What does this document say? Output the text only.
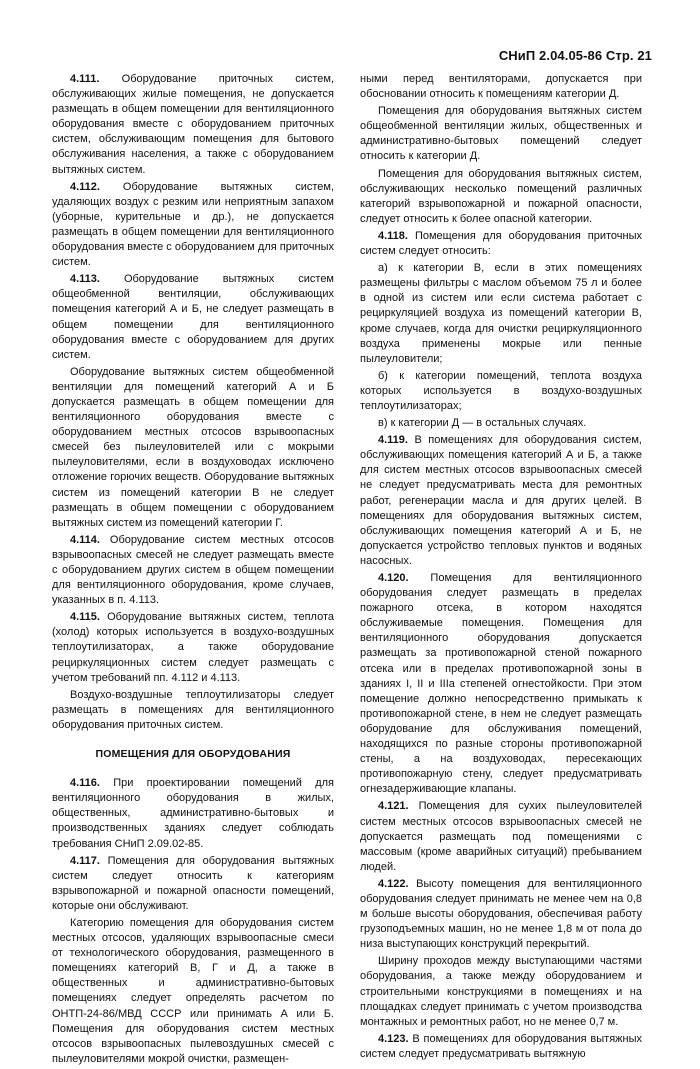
СНиП 2.04.05-86 Стр. 21

4.111. Оборудование приточных систем, обслуживающих жилые помещения, не допускается размещать в общем помещении для вентиляционного оборудования вместе с оборудованием приточных систем, обслуживающим помещения для бытового обслуживания населения, а также с оборудованием вытяжных систем.

4.112. Оборудование вытяжных систем, удаляющих воздух с резким или неприятным запахом (уборные, курительные и др.), не допускается размещать в общем помещении для вентиляционного оборудования вместе с оборудованием для приточных систем.

4.113. Оборудование вытяжных систем общеобменной вентиляции, обслуживающих помещения категорий А и Б, не следует размещать в общем помещении для вентиляционного оборудования вместе с оборудованием для других систем.

Оборудование вытяжных систем общеобменной вентиляции для помещений категорий А и Б допускается размещать в общем помещении для вентиляционного оборудования вместе с оборудованием местных отсосов взрывоопасных смесей без пылеуловителей или с мокрыми пылеуловителями, если в воздуховодах исключено отложение горючих веществ. Оборудование вытяжных систем из помещений категории В не следует размещать в общем помещении с оборудованием вытяжных систем из помещений категории Г.

4.114. Оборудование систем местных отсосов взрывоопасных смесей не следует размещать вместе с оборудованием других систем в общем помещении для вентиляционного оборудования, кроме случаев, указанных в п. 4.113.

4.115. Оборудование вытяжных систем, теплота (холод) которых используется в воздухо-воздушных теплоутилизаторах, а также оборудование рециркуляционных систем следует размещать с учетом требований пп. 4.112 и 4.113.

Воздухо-воздушные теплоутилизаторы следует размещать в помещениях для вентиляционного оборудования приточных систем.

ПОМЕЩЕНИЯ ДЛЯ ОБОРУДОВАНИЯ

4.116. При проектировании помещений для вентиляционного оборудования в жилых, общественных, административно-бытовых и производственных зданиях следует соблюдать требования СНиП 2.09.02-85.

4.117. Помещения для оборудования вытяжных систем следует относить к категориям взрывопожарной и пожарной опасности помещений, которые они обслуживают.

Категорию помещения для оборудования систем местных отсосов, удаляющих взрывоопасные смеси от технологического оборудования, размещенного в помещениях категорий В, Г и Д, а также в общественных и административно-бытовых помещениях следует определять расчетом по ОНТП-24-86/МВД СССР или принимать А или Б. Помещения для оборудования систем местных отсосов взрывоопасных пылевоздушных смесей с пылеуловителями мокрой очистки, размещен-

ными перед вентиляторами, допускается при обосновании относить к помещениям категории Д.

Помещения для оборудования вытяжных систем общеобменной вентиляции жилых, общественных и административно-бытовых помещений следует относить к категории Д.

Помещения для оборудования вытяжных систем, обслуживающих несколько помещений различных категорий взрывопожарной и пожарной опасности, следует относить к более опасной категории.

4.118. Помещения для оборудования приточных систем следует относить:

а) к категории В, если в этих помещениях размещены фильтры с маслом объемом 75 л и более в одной из систем или если система работает с рециркуляцией воздуха из помещений категории В, кроме случаев, когда для очистки рециркуляционного воздуха применены мокрые или пенные пылеуловители;

б) к категории помещений, теплота воздуха которых используется в воздухо-воздушных теплоутилизаторах;

в) к категории Д — в остальных случаях.

4.119. В помещениях для оборудования систем, обслуживающих помещения категорий А и Б, а также для систем местных отсосов взрывоопасных смесей не следует предусматривать места для ремонтных работ, регенерации масла и для других целей. В помещениях для оборудования вытяжных систем, обслуживающих помещения категорий А и Б, не допускается устройство тепловых пунктов и водяных насосных.

4.120. Помещения для вентиляционного оборудования следует размещать в пределах пожарного отсека, в котором находятся обслуживаемые помещения. Помещения для вентиляционного оборудования допускается размещать за противопожарной стеной пожарного отсека или в пределах противопожарной зоны в зданиях I, II и IIIа степеней огнестойкости. При этом помещение должно непосредственно примыкать к противопожарной стене, в нем не следует размещать оборудование для обслуживания помещений, находящихся по разные стороны противопожарной стены, а на воздуховодах, пересекающих противопожарную стену, следует предусматривать огнезадерживающие клапаны.

4.121. Помещения для сухих пылеуловителей систем местных отсосов взрывоопасных смесей не допускается размещать под помещениями с массовым (кроме аварийных ситуаций) пребыванием людей.

4.122. Высоту помещения для вентиляционного оборудования следует принимать не менее чем на 0,8 м больше высоты оборудования, обеспечивая работу грузоподъемных машин, но не менее 1,8 м от пола до низа выступающих конструкций перекрытий.

Ширину проходов между выступающими частями оборудования, а также между оборудованием и строительными конструкциями в помещениях и на площадках следует принимать с учетом производства монтажных и ремонтных работ, но не менее 0,7 м.

4.123. В помещениях для оборудования вытяжных систем следует предусматривать вытяжную
